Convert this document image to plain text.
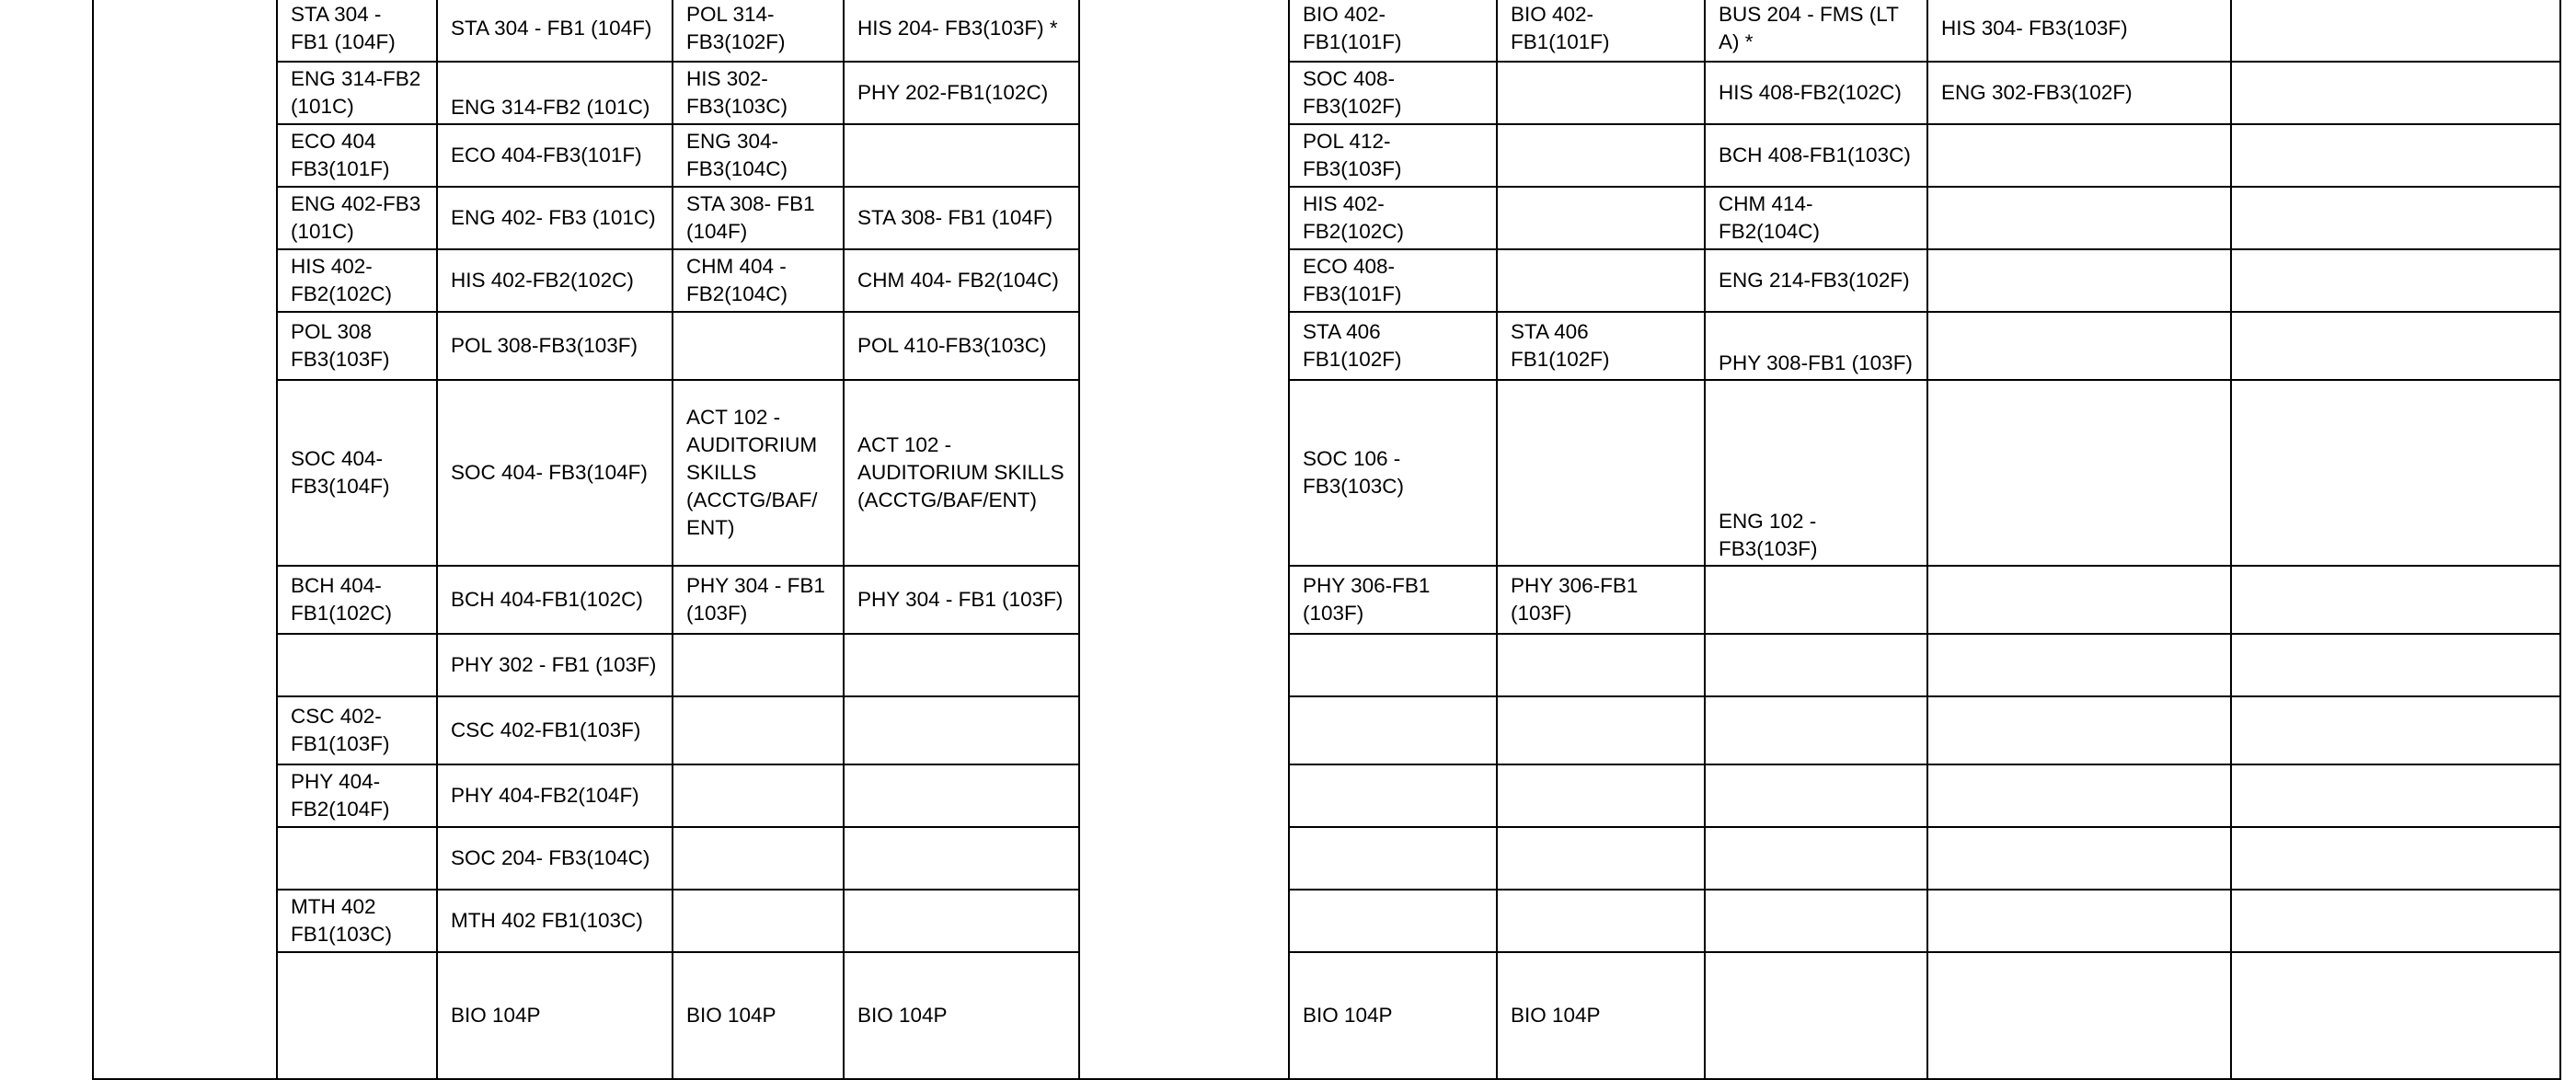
	STA 304 - FB1 (104F)	STA 304 - FB1 (104F)	POL 314-FB3(102F)	HIS 204- FB3(103F) *		BIO 402-FB1(101F)	BIO 402-FB1(101F)	BUS 204 - FMS (LT A) *	HIS 304- FB3(103F)	
	ENG 314-FB2 (101C)	ENG 314-FB2 (101C)	HIS 302-FB3(103C)	PHY 202-FB1(102C)		SOC 408-FB3(102F)		HIS 408-FB2(102C)	ENG 302-FB3(102F)	
	ECO 404 FB3(101F)	ECO 404-FB3(101F)	ENG 304-FB3(104C)			POL 412-FB3(103F)		BCH 408-FB1(103C)		
	ENG 402-FB3 (101C)	ENG 402- FB3 (101C)	STA 308- FB1 (104F)	STA 308- FB1 (104F)		HIS 402-FB2(102C)		CHM 414-FB2(104C)		
	HIS 402-FB2(102C)	HIS 402-FB2(102C)	CHM 404 - FB2(104C)	CHM 404- FB2(104C)		ECO 408-FB3(101F)		ENG 214-FB3(102F)		
	POL 308 FB3(103F)	POL 308-FB3(103F)		POL 410-FB3(103C)		STA 406 FB1(102F)	STA 406 FB1(102F)	PHY 308-FB1 (103F)		
	SOC 404-FB3(104F)	SOC 404- FB3(104F)	ACT 102 - AUDITORIUM SKILLS (ACCTG/BAF/ENT)	ACT 102 - AUDITORIUM SKILLS (ACCTG/BAF/ENT)		SOC 106 - FB3(103C)		ENG 102 - FB3(103F)		
	BCH 404-FB1(102C)	BCH 404-FB1(102C)	PHY 304 - FB1 (103F)	PHY 304 - FB1 (103F)		PHY 306-FB1 (103F)	PHY 306-FB1 (103F)			
		PHY 302 - FB1 (103F)								
	CSC 402-FB1(103F)	CSC 402-FB1(103F)								
	PHY 404-FB2(104F)	PHY 404-FB2(104F)								
		SOC 204- FB3(104C)								
	MTH 402 FB1(103C)	MTH 402 FB1(103C)								
		BIO 104P	BIO 104P	BIO 104P		BIO 104P	BIO 104P			
